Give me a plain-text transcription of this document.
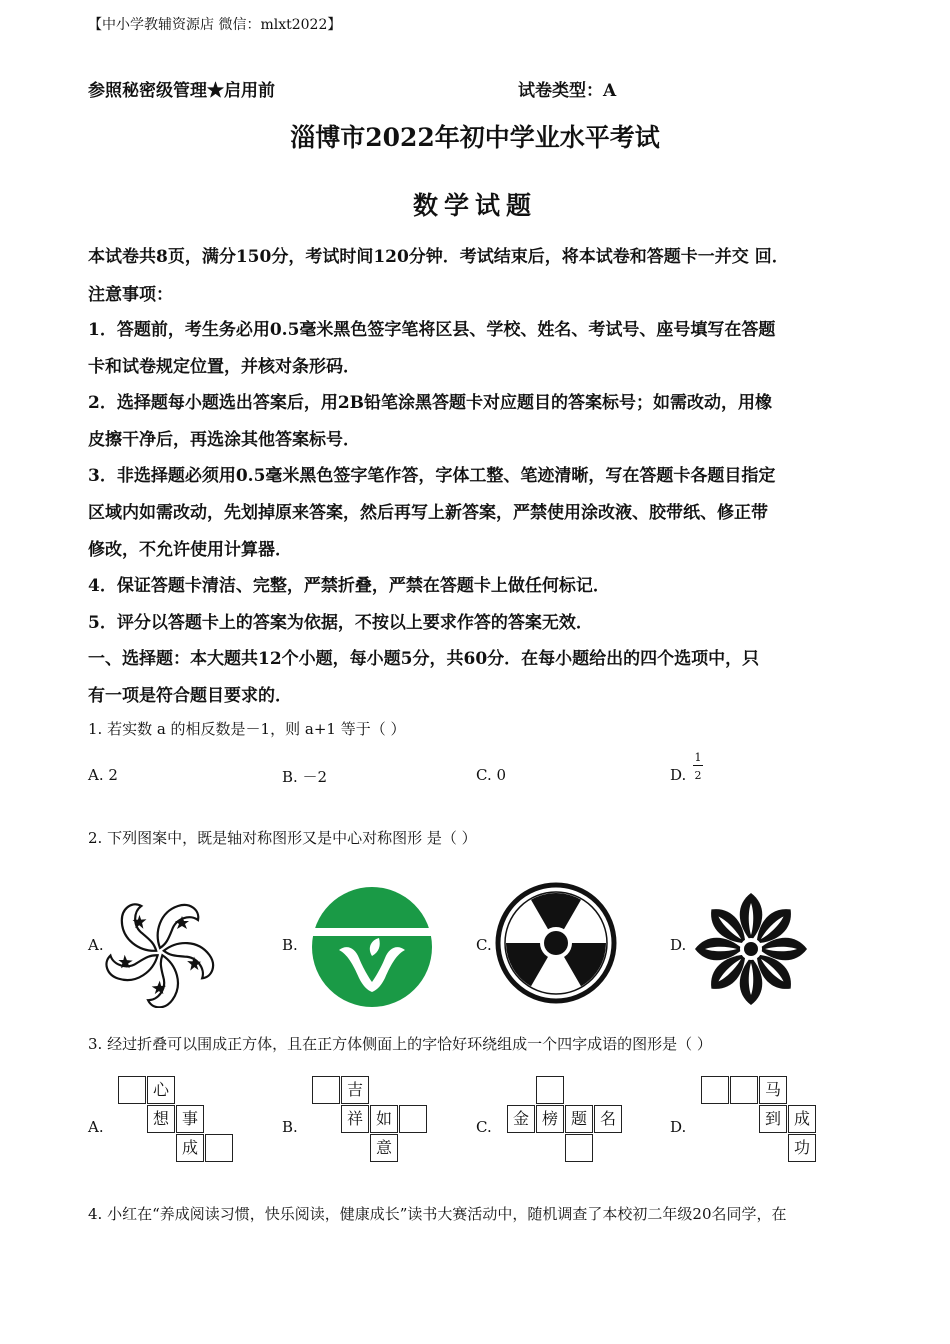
【中小学教辅资源店 微信：mlxt2022】
参照秘密级管理★启用前	试卷类型：A
淄博市2022年初中学业水平考试
数学试题
本试卷共8页，满分150分，考试时间120分钟．考试结束后，将本试卷和答题卡一并交 回．
注意事项：
1．答题前，考生务必用0.5毫米黑色签字笔将区县、学校、姓名、考试号、座号填写在答题
卡和试卷规定位置，并核对条形码．
2．选择题每小题选出答案后，用2B铅笔涂黑答题卡对应题目的答案标号；如需改动，用橡
皮擦干净后，再选涂其他答案标号．
3．非选择题必须用0.5毫米黑色签字笔作答，字体工整、笔迹清晰，写在答题卡各题目指定
区域内如需改动，先划掉原来答案，然后再写上新答案，严禁使用涂改液、胶带纸、修正带
修改，不允许使用计算器．
4．保证答题卡清洁、完整，严禁折叠，严禁在答题卡上做任何标记．
5．评分以答题卡上的答案为依据，不按以上要求作答的答案无效．
一、选择题：本大题共12个小题，每小题5分，共60分．在每小题给出的四个选项中，只
有一项是符合题目要求的．
1. 若实数 a 的相反数是－1，则 a+1 等于（ ）
A. 2	B. －2	C. 0	D.
1
2
2. 下列图案中，既是轴对称图形又是中心对称图形 是（ ）
A.	B.	C.	D.
3. 经过折叠可以围成正方体，且在正方体侧面上的字恰好环绕组成一个四字成语的图形是（ ）
A.	B.	C.	D.
心
想 事
成
吉
祥 如
意
金 榜 题 名
马
到 成
功
4. 小红在“养成阅读习惯，快乐阅读，健康成长”读书大赛活动中，随机调查了本校初二年级20名同学，在
